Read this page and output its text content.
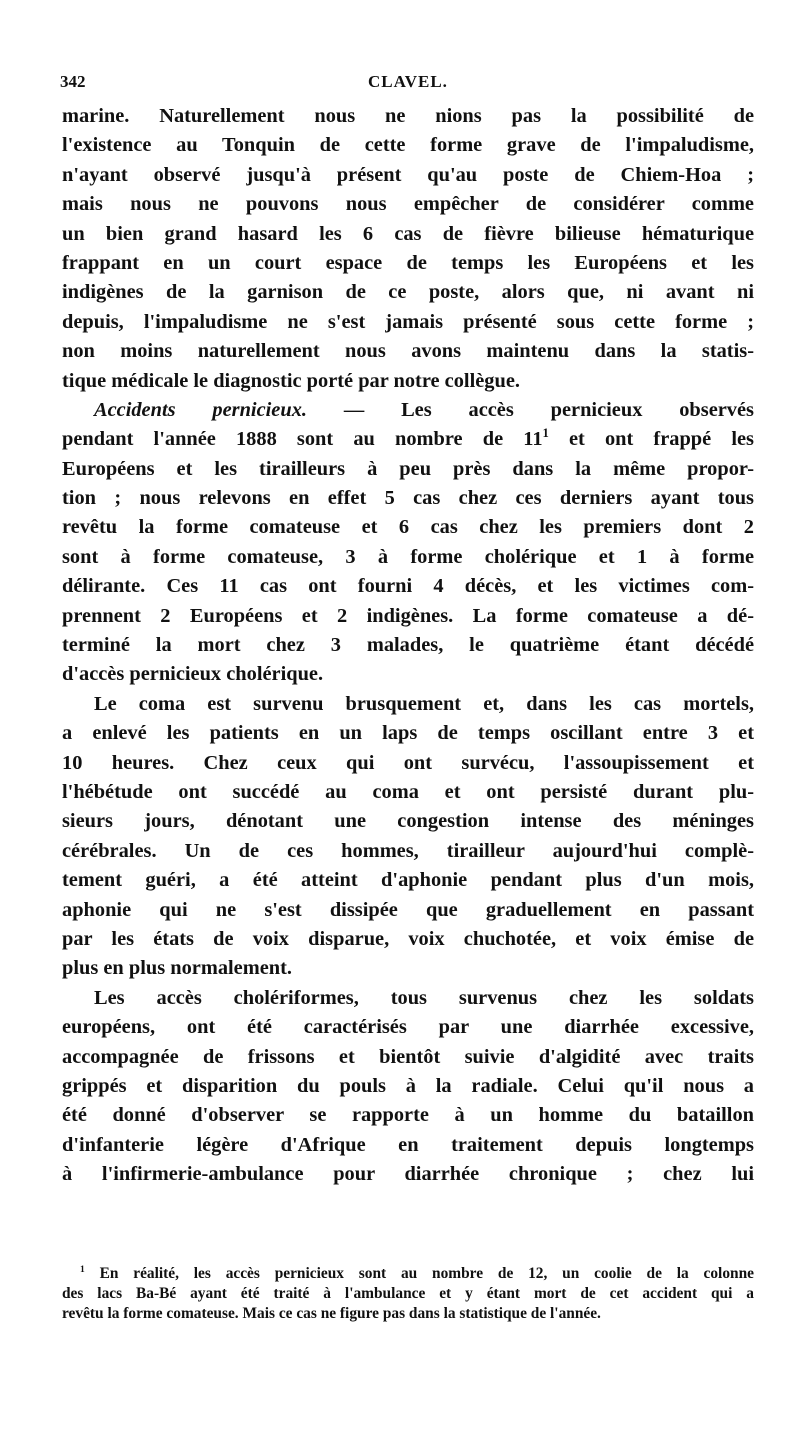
342	CLAVEL.
marine. Naturellement nous ne nions pas la possibilité de
l'existence au Tonquin de cette forme grave de l'impaludisme,
n'ayant observé jusqu'à présent qu'au poste de Chiem-Hoa ;
mais nous ne pouvons nous empêcher de considérer comme
un bien grand hasard les 6 cas de fièvre bilieuse hématurique
frappant en un court espace de temps les Européens et les
indigènes de la garnison de ce poste, alors que, ni avant ni
depuis, l'impaludisme ne s'est jamais présenté sous cette forme ;
non moins naturellement nous avons maintenu dans la statis-
tique médicale le diagnostic porté par notre collègue.
Accidents pernicieux. — Les accès pernicieux observés
pendant l'année 1888 sont au nombre de $11^1$ et ont frappé les
Européens et les tirailleurs à peu près dans la même propor-
tion ; nous relevons en effet 5 cas chez ces derniers ayant tous
revêtu la forme comateuse et 6 cas chez les premiers dont 2
sont à forme comateuse, 3 à forme cholérique et 1 à forme
délirante. Ces 11 cas ont fourni 4 décès, et les victimes com-
prennent 2 Européens et 2 indigènes. La forme comateuse a dé-
terminé la mort chez 3 malades, le quatrième étant décédé
d'accès pernicieux cholérique.
Le coma est survenu brusquement et, dans les cas mortels,
a enlevé les patients en un laps de temps oscillant entre 3 et
10 heures. Chez ceux qui ont survécu, l'assoupissement et
l'hébétude ont succédé au coma et ont persisté durant plu-
sieurs jours, dénotant une congestion intense des méninges
cérébrales. Un de ces hommes, tirailleur aujourd'hui complè-
tement guéri, a été atteint d'aphonie pendant plus d'un mois,
aphonie qui ne s'est dissipée que graduellement en passant
par les états de voix disparue, voix chuchotée, et voix émise de
plus en plus normalement.
Les accès cholériformes, tous survenus chez les soldats
européens, ont été caractérisés par une diarrhée excessive,
accompagnée de frissons et bientôt suivie d'algidité avec traits
grippés et disparition du pouls à la radiale. Celui qu'il nous a
été donné d'observer se rapporte à un homme du bataillon
d'infanterie légère d'Afrique en traitement depuis longtemps
à l'infirmerie-ambulance pour diarrhée chronique ; chez lui
$^1$ En réalité, les accès pernicieux sont au nombre de 12, un coolie de la colonne
des lacs Ba-Bé ayant été traité à l'ambulance et y étant mort de cet accident qui a
revêtu la forme comateuse. Mais ce cas ne figure pas dans la statistique de l'année.
